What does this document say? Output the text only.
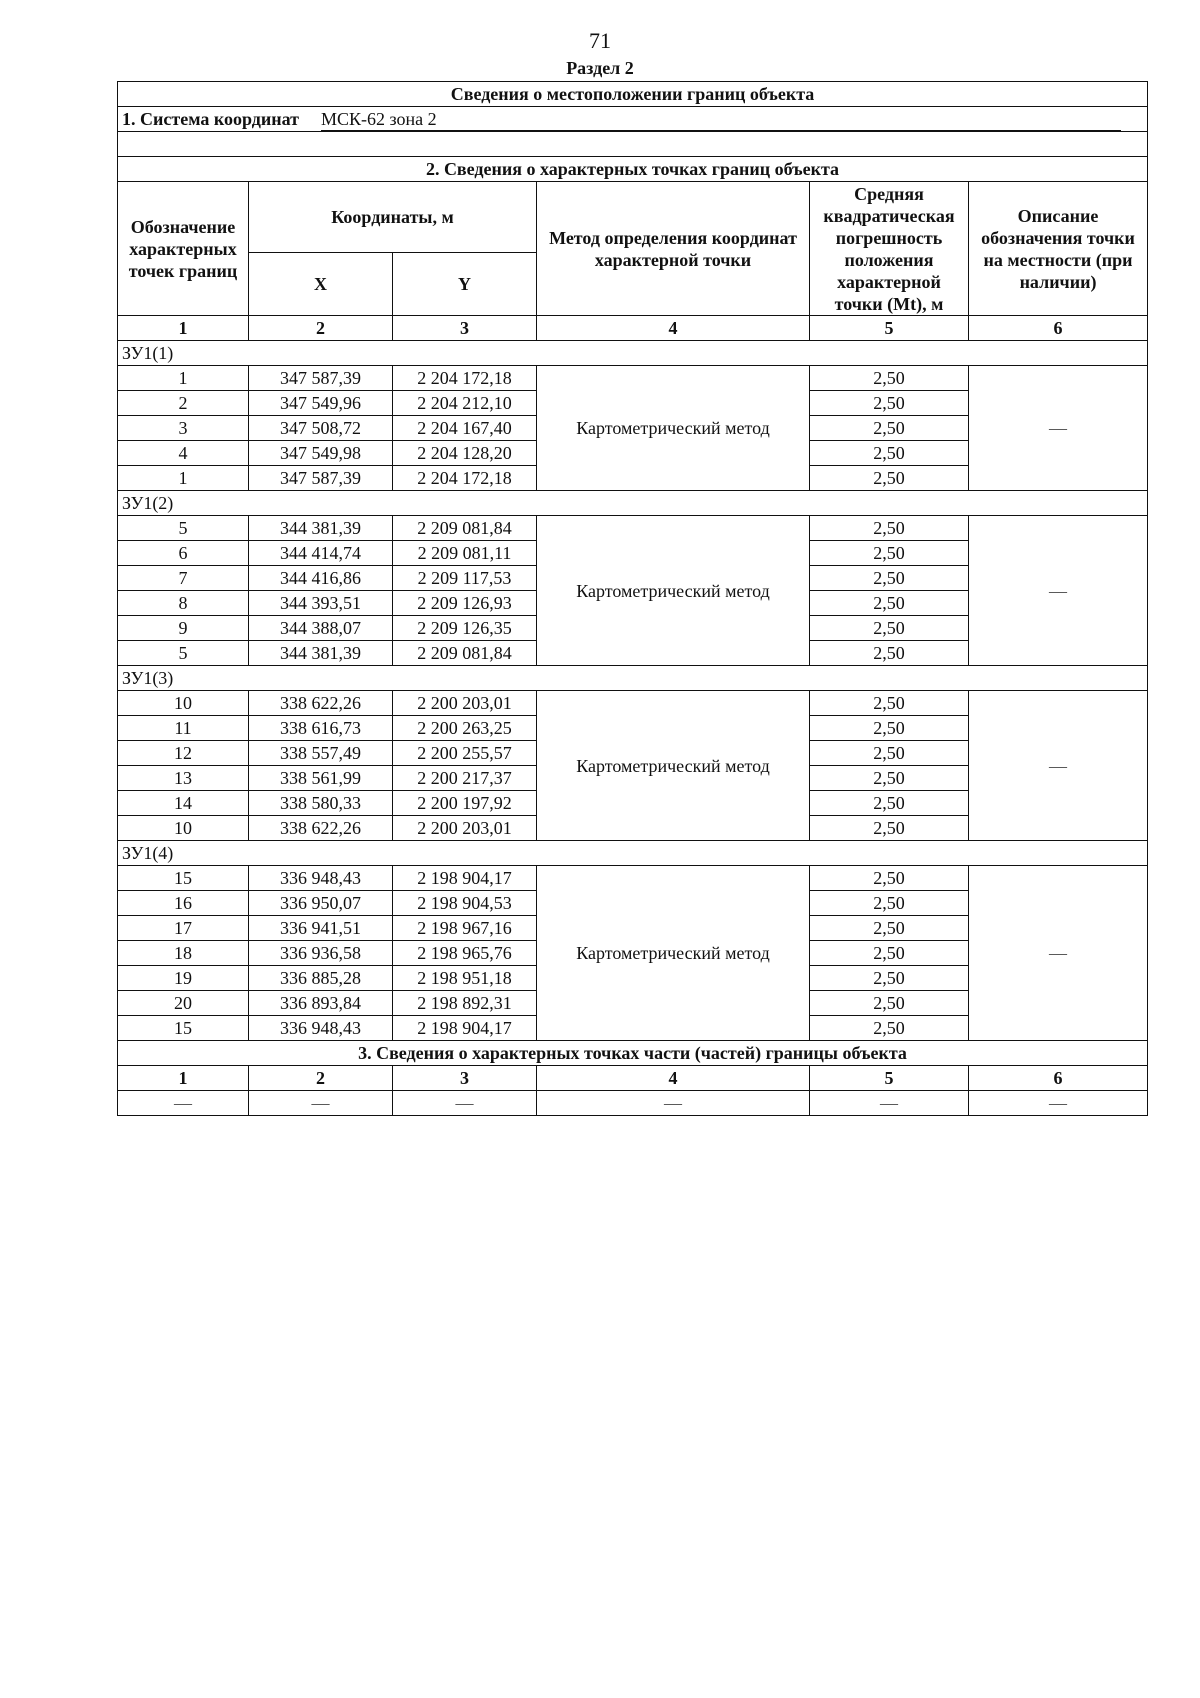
71
Раздел 2
Сведения о местоположении границ объекта					
1. Система координат МСК-62 зона 2					

2. Сведения о характерных точках границ объекта					
Обозначение характерных точек границ	Координаты, м		Метод определения координат характерной точки	Средняя квадратическая погрешность положения характерной точки (Mt), м	Описание обозначения точки на местности (при наличии)
	X	Y			
1	2	3	4	5	6
ЗУ1(1)					
1	347 587,39	2 204 172,18	Картометрический метод	2,50	—
2	347 549,96	2 204 212,10		2,50	
3	347 508,72	2 204 167,40		2,50	
4	347 549,98	2 204 128,20		2,50	
1	347 587,39	2 204 172,18		2,50	
ЗУ1(2)					
5	344 381,39	2 209 081,84	Картометрический метод	2,50	—
6	344 414,74	2 209 081,11		2,50	
7	344 416,86	2 209 117,53		2,50	
8	344 393,51	2 209 126,93		2,50	
9	344 388,07	2 209 126,35		2,50	
5	344 381,39	2 209 081,84		2,50	
ЗУ1(3)					
10	338 622,26	2 200 203,01	Картометрический метод	2,50	—
11	338 616,73	2 200 263,25		2,50	
12	338 557,49	2 200 255,57		2,50	
13	338 561,99	2 200 217,37		2,50	
14	338 580,33	2 200 197,92		2,50	
10	338 622,26	2 200 203,01		2,50	
ЗУ1(4)					
15	336 948,43	2 198 904,17	Картометрический метод	2,50	—
16	336 950,07	2 198 904,53		2,50	
17	336 941,51	2 198 967,16		2,50	
18	336 936,58	2 198 965,76		2,50	
19	336 885,28	2 198 951,18		2,50	
20	336 893,84	2 198 892,31		2,50	
15	336 948,43	2 198 904,17		2,50	
3. Сведения о характерных точках части (частей) границы объекта					
1	2	3	4	5	6
—	—	—	—	—	—
